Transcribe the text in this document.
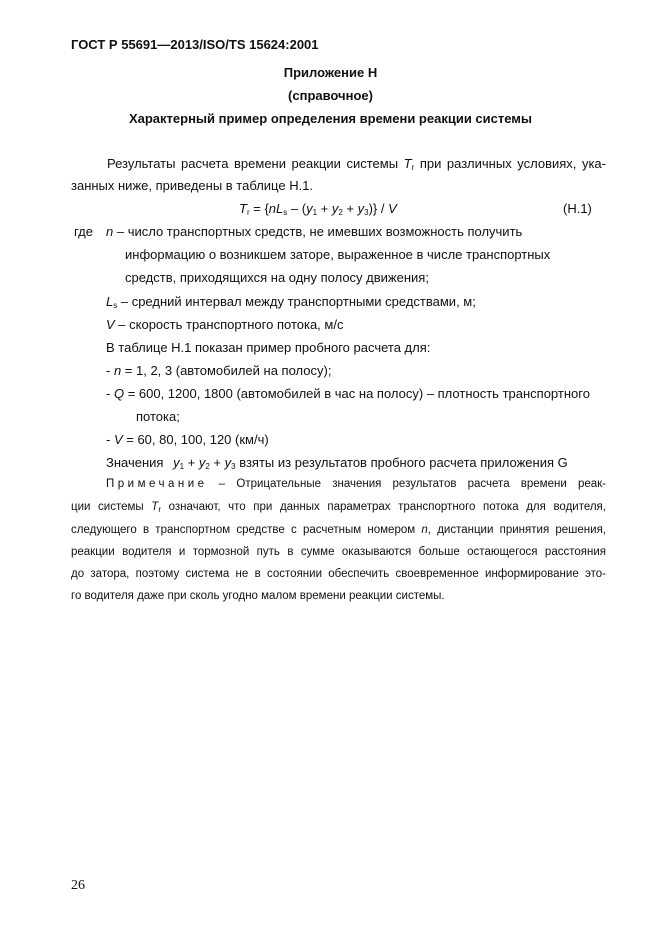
ГОСТ Р 55691—2013/ISO/TS 15624:2001
Приложение Н
(справочное)
Характерный пример определения времени реакции системы
Результаты расчета времени реакции системы $T_r$ при различных условиях, ука-
занных ниже, приведены в таблице Н.1.
$T_r = \{nL_s - (y_1 + y_2 + y_3)\} / V$	(Н.1)
где n – число транспортных средств, не имевших возможность получить
информацию о возникшем заторе, выраженное в числе транспортных
средств, приходящихся на одну полосу движения;
$L_s$ – средний интервал между транспортными средствами, м;
V – скорость транспортного потока, м/с
В таблице Н.1 показан пример пробного расчета для:
- n = 1, 2, 3 (автомобилей на полосу);
- Q = 600, 1200, 1800 (автомобилей в час на полосу) – плотность транспортного
потока;
- V = 60, 80, 100, 120 (км/ч)
Значения $y_1 + y_2 + y_3$ взяты из результатов пробного расчета приложения G
Примечание – Отрицательные значения результатов расчета времени реак-
ции системы $T_r$ означают, что при данных параметрах транспортного потока для водителя,
следующего в транспортном средстве с расчетным номером n, дистанции принятия решения,
реакции водителя и тормозной путь в сумме оказываются больше остающегося расстояния
до затора, поэтому система не в состоянии обеспечить своевременное информирование это-
го водителя даже при сколь угодно малом времени реакции системы.
26
